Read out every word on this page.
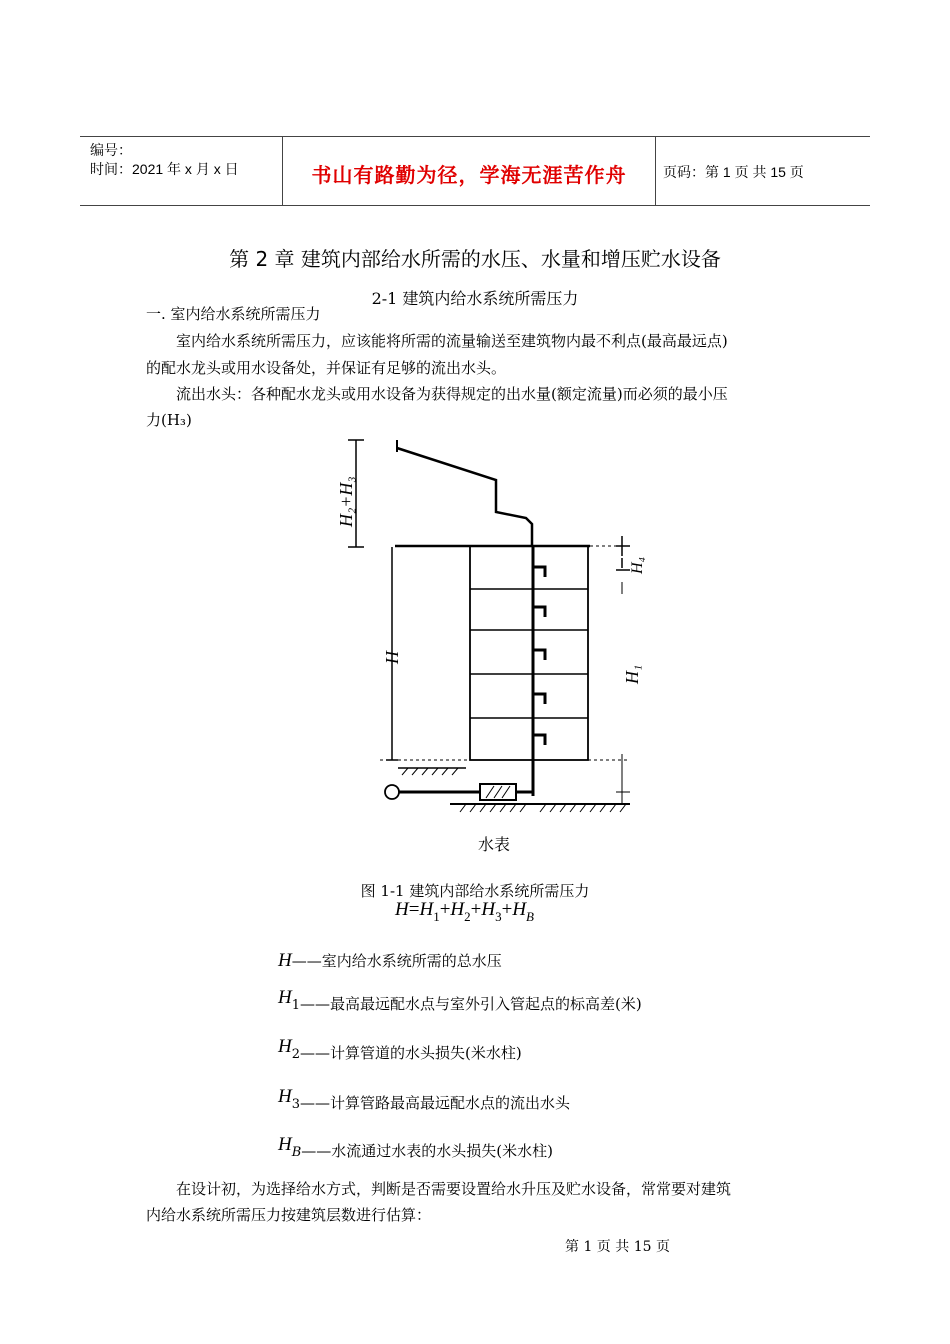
编号：
时间：2021 年 x 月 x 日	书山有路勤为径，学海无涯苦作舟	页码：第 1 页 共 15 页
第 2 章 建筑内部给水所需的水压、水量和增压贮水设备
2-1 建筑内给水系统所需压力
一. 室内给水系统所需压力
室内给水系统所需压力，应该能将所需的流量输送至建筑物内最不利点(最高最远点)
的配水龙头或用水设备处，并保证有足够的流出水头。
流出水头：各种配水龙头或用水设备为获得规定的出水量(额定流量)而必须的最小压
力(H₃)
H₂+H₃
H
H₄
H₁
水表
图 1-1 建筑内部给水系统所需压力
$H=H_1+H_2+H_3+H_B$
H——室内给水系统所需的总水压
$H_1——$最高最远配水点与室外引入管起点的标高差(米)
$H_2——$计算管道的水头损失(米水柱)
$H_3——$计算管路最高最远配水点的流出水头
$H_B——$水流通过水表的水头损失(米水柱)
在设计初，为选择给水方式，判断是否需要设置给水升压及贮水设备，常常要对建筑
内给水系统所需压力按建筑层数进行估算：
第 1 页 共 15 页
